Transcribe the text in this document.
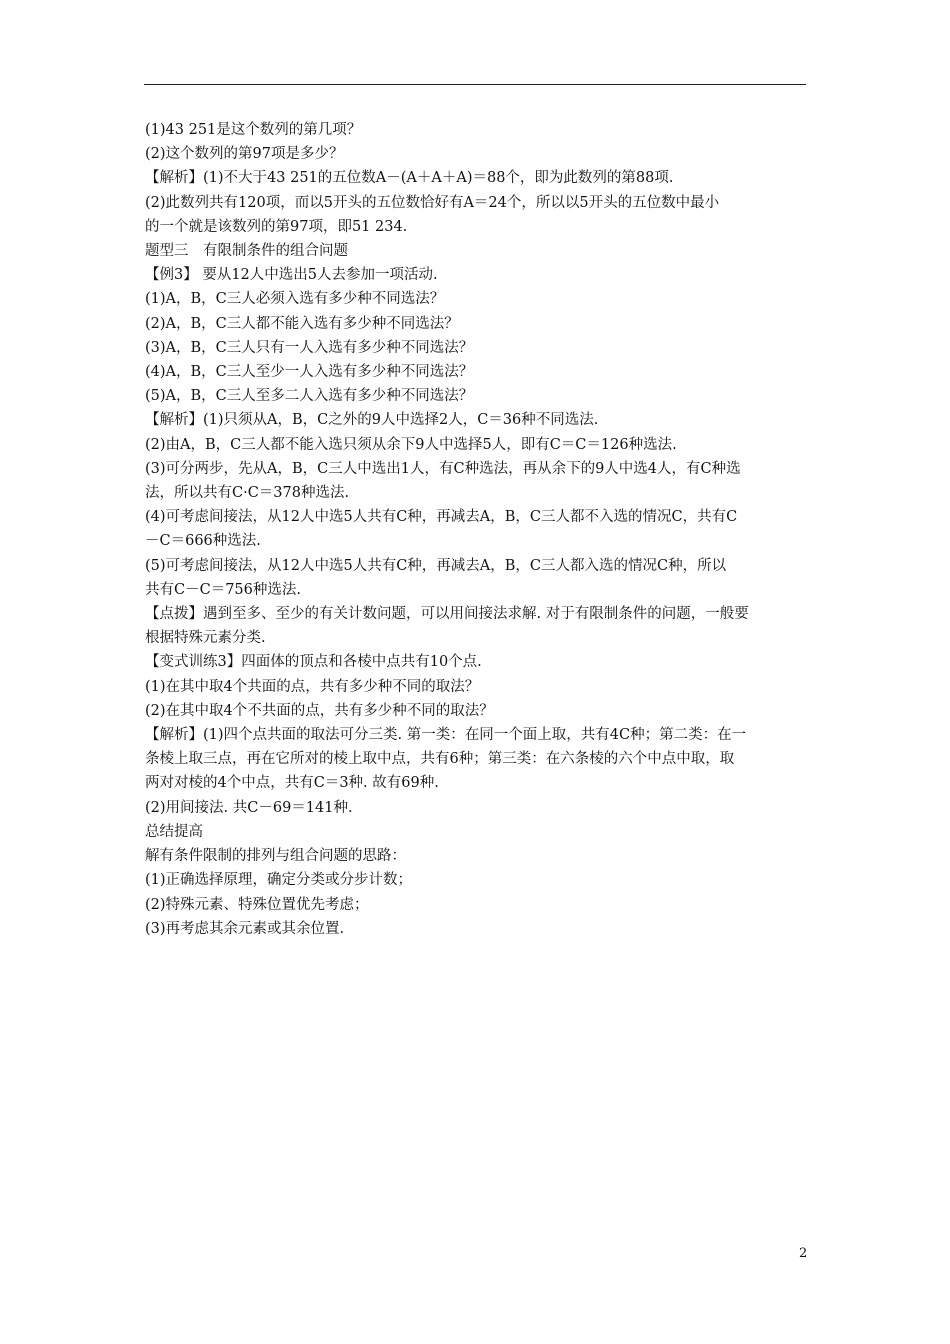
(1)43 251是这个数列的第几项？
(2)这个数列的第97项是多少？
【解析】(1)不大于43 251的五位数A－(A＋A＋A)＝88个，即为此数列的第88项.
(2)此数列共有120项，而以5开头的五位数恰好有A＝24个，所以以5开头的五位数中最小
的一个就是该数列的第97项，即51 234.
题型三　有限制条件的组合问题
【例3】 要从12人中选出5人去参加一项活动.
(1)A，B，C三人必须入选有多少种不同选法？
(2)A，B，C三人都不能入选有多少种不同选法？
(3)A，B，C三人只有一人入选有多少种不同选法？
(4)A，B，C三人至少一人入选有多少种不同选法？
(5)A，B，C三人至多二人入选有多少种不同选法？
【解析】(1)只须从A，B，C之外的9人中选择2人，C＝36种不同选法.
(2)由A，B，C三人都不能入选只须从余下9人中选择5人，即有C＝C＝126种选法.
(3)可分两步，先从A，B，C三人中选出1人，有C种选法，再从余下的9人中选4人，有C种选
法，所以共有C·C＝378种选法.
(4)可考虑间接法，从12人中选5人共有C种，再减去A，B，C三人都不入选的情况C，共有C
－C＝666种选法.
(5)可考虑间接法，从12人中选5人共有C种，再减去A，B，C三人都入选的情况C种，所以
共有C－C＝756种选法.
【点拨】遇到至多、至少的有关计数问题，可以用间接法求解. 对于有限制条件的问题，一般要
根据特殊元素分类.
【变式训练3】四面体的顶点和各棱中点共有10个点.
(1)在其中取4个共面的点，共有多少种不同的取法？
(2)在其中取4个不共面的点，共有多少种不同的取法？
【解析】(1)四个点共面的取法可分三类. 第一类：在同一个面上取，共有4C种；第二类：在一
条棱上取三点，再在它所对的棱上取中点，共有6种；第三类：在六条棱的六个中点中取，取
两对对棱的4个中点，共有C＝3种. 故有69种.
(2)用间接法. 共C－69＝141种.
总结提高
解有条件限制的排列与组合问题的思路：
(1)正确选择原理，确定分类或分步计数；
(2)特殊元素、特殊位置优先考虑；
(3)再考虑其余元素或其余位置.
2
